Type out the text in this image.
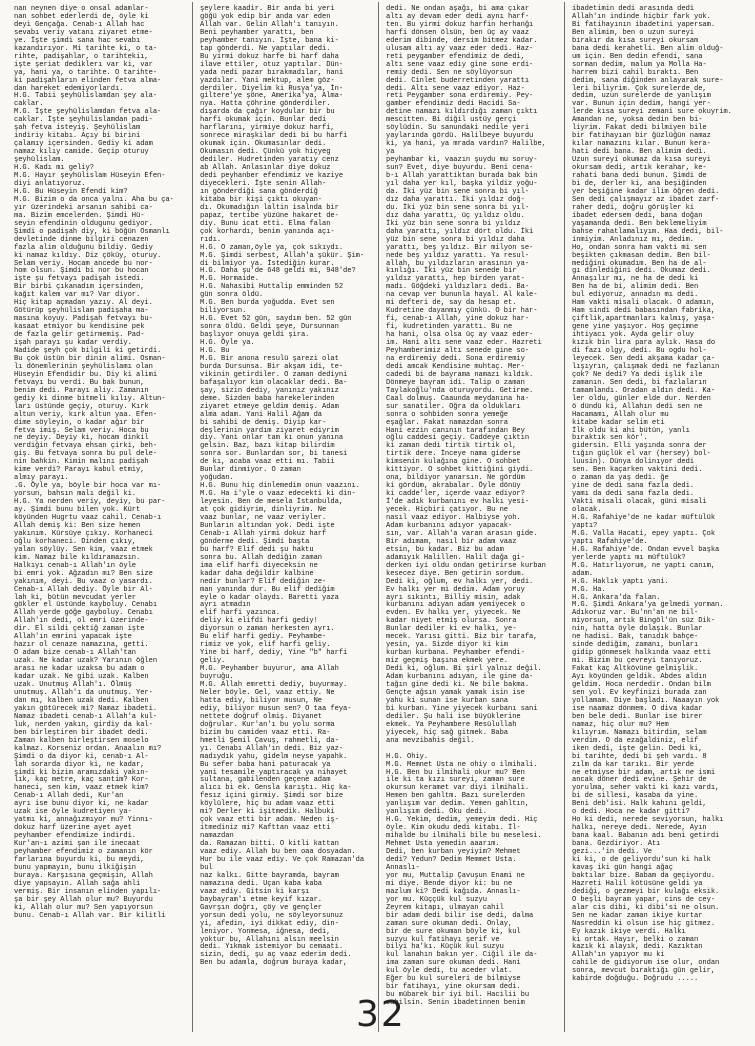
nan neynen diye o onsal adamlar-
nan sohbet ederlerdi de, öyle ki
deyi Gençağa. Cenab-ı Allah hac
sevabı veriy vatanı ziyaret etme-
ye. İşte şimdi sana hac sevabı
kazandırıyor. Mi tarihte ki, o ta-
rihte, padişahlar, o tarihtekiı,
işte şeriat dediklerı var ki, var
ya, hani ya, o tarihte. O tarihte-
ki padişahların elinden fetva alma-
dan hareket edemiyorlardı.
H.G. Tabii şeyhülislamdan şey ala-
caklar.
M.G. İşte şeyhülislamdan fetva ala-
caklar. İşte şeyhülislamdan padi-
şah fetva isteyiş. Şeyhülislam
indiriy kitabı. Açıy bi birini
çalamıy içersinden. Gediy ki adam
namaz kılıy camide. Geçip oturuy
şeyhülislam.
H.G. Kadı mı geliy?
M.G. Hayır şeyhülislam Hüseyin Efen-
diyi anlatıyoruz.
H.G. Bu Hüseyin Efendi kim?
M.G. Bizim o da onca yalnı. Aha bu ça-
yır üzerindeki arsanın sahibi ca-
ma. Bizim emcelerden. Şimdi Hü-
seyin efendinin oldugunu gediyor.
Şimdi o padişah diy, ki böğün Osmanlı
devletinde dinme bilgiri cenazen
fazla alim olduğunu bildiy. Gediy
ki namaz kıldıy. Diz çöküy, oturuy.
Selam veriy. Hocam ancede bu nor-
hom olsun. Şimdi bi nor bu hocan
işte şu fetvayı padişah istedi.
Bir birbi çıkanadım içersinden,
kağıt kalem var mı? Var diyor.
Hiç kitap açmadan yazıy. Al deyi.
Götürüp şeyhülislam padişaha ma-
masına koyuy. Padişah fetvayı bu-
kasaat etmiyor bu kendisine pek
de fazla gelir getirmemiş. Pad-
işah parayı şu kadar verdiy.
Nadide şeyh çok bilgili ki getirdi.
Bu çok üstün bir dinin alimi. Osman-
lı dönemlerinin şeyhülislamı olan
Hüseyin Efendidir bu. Diy ki alimi
fetvayı bu verdi. Bu bak bunun,
benim dedi. Parayı aliy. Zamanın
gediy ki dinme bitmeli kılıy. Altun-
ları üstünde geçiy, oturuy. Kırk
altun veriy, kırk altun yaa. Efen-
dime söyleyin, o kadar ağır bir
fetva imiş. Selam veriy. Hoca bu
ne deyiy. Deyiy ki, hocam dinkil
verdiğin fetvaya ehsan çirki, beh-
giş. Bu fetvaya sonra bu pul dele-
nin bahkin. Kimin malını padişah
kime verdi? Parayı kabul etmiy,
almıy parayı.
.G. Öyle ya, böyle bir hoca var mı-
yorsun, bahsın malı değil ki.
H.G. Ya nerden veriy, deyiy, bu par-
ay. Şimdi bunu bilen yok. Kürt
köyünden Hugrtu vaaz cahil. Cenab-ı
Allah demiş ki: Ben size hemen
yakınım. Kürsüye çıkıy. Korhaneci
oğlu korhaneci. Dinden çıkıy,
yalan söylüy. Sen kim, vaaz etmek
kim. Namaz bile kıldıramazsın.
Halkıyı cenab-ı Allah'ın öyle
bi emri yok. Ağzadın mı? Ben size
yakınım, deyi. Bu vaaz o yasardı.
Cenab-ı Allah dediy. Öyle bir Al-
lah ki, bütün mevcudat yerler
gökler el üstünde kayboluy. Cenabı
Allah yerde göğe gayboluy. Cenabı
Allah'ın dedi, ol emri üzerinde-
dir. El sildi çektiğ zaman işte
Allah'ın emrini yapacak işte
hazır ol cenaze namazına, getti.
O adam bize cenab-ı Allah'tan
uzak. Ne kadar uzak? Yarının öğlen
arası ne kadar uzaksa bu adam o
kadar uzak. Ne gibi uzak. Kalben
uzak. Unutmuş Allah'ı. Ölmüş
unutmuş. Allah'ı da unutmuş. Yer-
dan mı, kalben uzak dedi. Kalben
yakın götürecek mi? Namaz ibadeti.
Namaz ibadeti cenab-ı Allah'a kul-
luk, nerden yakın, girdiy da kal-
ben birleştiren bir ibadet dedi.
Zaman kalben birleştirsen moselo
kalmaz. Korseniz ordan. Anaalın mı?
Şimdi o da diyor ki, cenab-ı Al-
lah sorarda diyor ki, ne kadar,
şimdi ki bizim aramızdaki yakın-
lık, kaç metre, kaç santim? Kor-
haneci, sen kim, vaaz etmek kim?
Cenab-ı Allah dedi, Kur'an
ayrı ise bunu diyor ki, ne kadar
uzak ise öyle kudretiyen ya-
yatmı ki, annağızmıyor mu? Yinnı-
dokuz harf üzerine ayet ayet
peyhamber efendimize indirdi.
Kur'an-ı azimi şan ile inecaat
peyhamber efendimiz o zamanın kör
farlarına buyurdu ki, bu meydi,
bunu yapmayın, bunu ilkiğişin
buraya. Karşısına geçmişin, Allah
diye yapsayın. Allah sağa ahli
vermiş. Bir insanın elinden yapılı-
şa bir şey Allah olur mu? Buyurdu
ki, Allah olur mu? Sen yapıyorsun
bunu. Cenab-ı Allah var. Bir kilitli
şeylere kaadir. Bir anda bi yeri
göğü yok edip bir anda var eden
Allah var. Gelin Allah'ı tanıyın.
Beni peyhamber yarattı, ben
peyhamber tanıyın. İşte, bana ki-
tap gönderdi. Ne yaptılar dedi.
Bu yirmi dokuz harfe bi harf daha
ilave ettiler, otuz yaptılar. Dün-
yada nedi pazar bırakmadılar, hani
yazdılar. Yani mektup, alem göz-
derdiler. Diyelim ki Rusya'ya, İn-
giltere'ye şöne, Amerika'ya, Alma-
nya. Hatta çöhrine gönderdiler.
dışarda da çağır koydular bir bu
harfi okumak için. Bunlar dedi
harflarını, yirmiye dokuz harfi,
sonrece miraşkilar dedi bi bu harfi
okumak için. Okumasınlar dedi.
Okumasın dedi. Çünkü yok hiçyeg
dediler. Hudretinden yaratıy cenz
ab Allah. Anlasınlar diye dokuz
dedi peyhanber efendimiz ve kaziye
diyecekleri. İşte senin Allah-
ın gönderdiği sana gönderdiğ
kitaba bir kişi çıktı okuyan-
dı. Okumadığın laltin isalnda bir
papaz, tertibe yüzüne hakaret de-
diy. Bunu icat etti. Elma falan
çok korhardı, benim yanında açı-
rıdı.
H.G. O zaman,öyle ya, çok sıkıydı.
M.G. Şimdi serbest, Allah'a şükür. Şim-
di bilmiyor ya. İstediğin kurar.
H.G. Daha şu'de 648 geldi mi, 948'de?
M.G. Hormaide.
H.G. Nahasibi Huttalip emminden 52
gün sonra öldü.
M.G. Ben burda yoğudda. Evet sen
biliyorsun.
H.G. Evet 52 gün, saydım ben. 52 gün
sonra öldü. Geldi şeye, Dursunnan
başlıyor onuya geldi şira.
H.G. Öyle ya.
H.G. Bu
M.G. Bir anona resulü şarezi olat
burda Dursunsa. Bir akşam idi, te-
vikinin getirdiler. O zaman dediyni
bafaşalıyor kim olacaklar dedi. Ba-
şay, sizin dediy, yanınız yakınız
deme. Sizden baba harekelerinden
ziyaret etmeye geldim demiş. Adam
alma adam. Yani Halil Ağam da
bi sahibi de demiş. Diyip kar-
deşlerinin yardım ziyaret ediyrim
diy. Yani onlar tam kı onun yanına
gelsin. Baz, bazı kitap bilirdim
sonra sor. Bunlardan sor, bi tanesi
de kı, acaba vaaz etti mı. Tabii
Bunlar dinmiyor. O zaman
yoğudan.
H.G. Bunu hiç dinlemedim onun vaazını.
M.G. Ha i'yle o vaaz edecekti ki din-
leyesin. Ben de mesela İstanbulda,
at çok gidiyrim, dinliyrim. Ne
vaaz bunlar, ne vaaz veriyler.
Bunların altından yok. Dedi işte
Cenab-ı Allah yirmi dokuz harf
gönderme dedi. Şimdi başta
bu harf? Elif dedi şu haktu
sonra bu. Allah dediğin zaman
ima elif harfi diyeceksin ne
kadar daha değildir kalbine
nedir bunlar? Elif dediğin ze-
man yanında dur. Bu elif dediğim
eyle o kadar olaydı. Baretti yaza
ayrı atmadın
elif harfi yazınca.
deliy ki elifdi harfi gediy!
diyorsun o zaman herkesten ayrı.
Bu elif harfi gediy. Peyhambe-
rimiz ve yok, elif harfi geliy.
Yine bi harf, dediy, Yine "b" harfi
geliy.
M.G. Peyhamber buyurur, ama Allah
buyruğu.
M.G. Allah emretti dediy, buyurmay.
Neler böyle. Gel, vaaz ettiy. Ne
hatta ediy, biliyor musun, Ne
ediy, biliyor musun sen? O taa feya-
nettete doğruf olmiş. Diyanet
doğrular. Kur'an'ı bu yolu sorma
bizim bu camiden vaaz etti. Ra-
hmetli Şemil Çavuş, rahmetli, da-
yı. Cenabı Allah'ın dedi. Biz yaz-
madıydık yahu, gidelm neyse yapahk.
Bu sefer baba hani paturacak ya
yani tesamile yaptıracak ya nihayet
sultana, gabilenden geçene adam
alıcı bi ek. Gensla karıştı. Hiç ka-
fesız içini girmiy. Şimdi sor bize
köylülere, hiç bu adam vaaz etti
mi? Derler ki işitmedik. Halbuki
çok vaaz etti bir adam. Neden iş-
itmediniz mi? Kafttan vaaz etti namazdan
da. Ramazan bitti. O kitli kattan
vaaz ediy. Allah bu ben oaa dosyadan.
Hur bu ile vaaz ediy. Ve çok Ramazan'da bul
naz kalkı. Gitte bayramda, bayram
namazına dedi. Uçan kaba kaba
vaaz ediy. Gitsin ki karşı
baybayram'ı etme keyif kızar.
Gavrşın doğrı, çöy ve gençler
yorsun dedi yolu, ne söyleyorsunuz
yi, afedin, iyi dikkat ediy, din-
leniyor. Yonmesa, iğnesa, dedi,
yoktur bu, Allahını alsın meelsin
dedi. Yıkmak istemiyor bu cemaati.
sizin, dedi, şu aç vaaz ederim dedi.
Ben bu adamla, doğrum buraya kadar,
dedi. Ne ondan aşağı, bi ama çıkar
altı ay devam eder dedi aynı harf-
ten. Bu yirmi dokuz harfin herhanğı
harfi dönsen ölsün, ben üç ay vaaz
ederim dibinde, dersim bitmez kadar.
ulusam altı ay vaaz eder dedi. Haz-
reti peygamber efendimiz de dedi,
altı sene vaaz ediy gine sone erdi-
remiy dedi. Sen ne söylüyorsun
dedi. Cinlet buderretinden yarattı
dedi. Altı sene vaaz ediyor. Haz-
reti Peygamber sona erdiremiy. Pey-
gamber efendimiz dedi Hacidi Sa-
detine namazı kıldırdığı zaman çıktı
mescitten. Bi diğil ustüy gerçi
söylüdin. Su sanundaki nedile yeri
yaylarında gördü. Halilbeye buyurdu
ki, ya hani, ya mrada vardın? Halilbe, ya
peyhambar ki, vaazın şuydu mu soruy-
sun? Evet, diye buyurdu. Beni cena-
b-ı Allah yarattiktan burada bak bin
yıl daha yer kıl, başka yildiz yoğu-
da. İki yüz bin sene sonra bi yıl-
dız daha yarattı. İki yıldız doğ-
du. İki yüz bin sene sonra bi yıl-
dız daha yarattı, üç yıldız oldu.
İki yüz bin sene sonra bi yıldız
daha yarattı, yıldız dört oldu. İki
yüz bin sene sonra bi yıldız daha
yarattı, beş yıldız. Bir milyon se-
nede beş yıldız yarattı. Ya resul-
allah, bu yıldızların arasının ya-
kınlığı. İki yüz bin senede bir
yıldız yarattı, hep birden yarat-
madı. Göğdeki yıldızları dedi. Ba-
na cevap ver bununla hayal. Al kale-
mi defteri de, say da hesap et.
Kudretine dayanmıy çünkü. O bir har-
fi, cenab-ı Allah, yine dokuz har-
fi, kudretinden yarattı. Bu ne
ha hani, olsa olsa üç ay vaaz eder-
im. Hani altı sene vaaz eder. Hazreti
Peyhamberimiz altı senede gine so-
na erdiremiy dedi. Sona erdiremiy
dedi amcak Kendisine muhtaç. Mer-
cadedi bi de bayrama namazı kıldık.
Dönmeye bayram idi. Talip o zaman
Taylakoğlu'nda oturuyordu. Getirme.
Caal dolmuş. Caaunda meydanına ha-
sur sanatiler. Oğra da oldukları
sonra o sohbiden sonra yemeğe
eşağlar. Fakat namazdan sonra
Hani ezzin canının tarafından Bey
oğlu caddesi geçiy. Caddeye çıktın
ki zaman dedi tirtik tirtik ol,
tirtik dere. İnceye nama giderse
kimsenin kulağına gine. O sohbet
kittiyor. O sohbet kittiğini giydi.
ona, bildiyor yanarsın. Ne gördüm
ki gördüm, akrabalar. Öyle dönüy
ki cadde'ler, içerde vaaz ediyor?
İ'de adık kurbanını ev halkı yesi-
yecek. Hiçbiri çatıyor. Bu ne
nasıl vaaz ediyor. Halbiyse yoh.
Adam kurbanını adıyor yapacak-
sın, var. Allah'a varan arasın gide.
Bir adımam, nasıl bir adam vaaz
etsin, bu kadar. Biz bu adam
adamıyık Halillen. Halil dağa gi-
derken iyi oldu ondan getirirse kurban
kesecez diye. Ben getirin sordum.
Dedi ki, oğlum, ev halkı yer, dedi.
Ev halkı yer mi dedim. Adam yoruy
ayrı sıkıntı, Billiy misin, adak
kurbanını adıyan adam yemiyecek o
evden. Ev halkı yer, yiyecek. Ne
kadar niyet etmiş olursa. Sonra
Bunlar dediler ki ev halkı, ye-
mecek. Yarısı gitti. Biz bir tarafa,
yesin, ya. Sizde diyor ki kim
kurban kurbana. Peyhamber efendi-
miz geçmiş başına ekmek yere.
Dedi ki, oğlum. Bi şirl yalnız değil.
Adam kurbanını adıyan, ile gine da-
tağın gine dedi ki. Ne bile bakma.
Gençte ağsın yamak yamak isin ise
yahu ki sunan ise kurban sana
bi kurban. Yine yiyecek kurbanı sani
dediler. Şu hali ise büyüklerine
ekmek. Ya Peyhambere Resülullah
yiyecek, hiç sağ gitmek. Baba
ana mevzibahis değil.

H.G. Ohiy.
M.G. Memnet Usta ne ohiy o ilmihali.
H.G. Ben bu ilmihali okur mu? Ben
ile ki ta kızı sureyi, zaman sure
okursun keramet var diyi ilmihali.
Hemen ben gahltm. Bazı surelerden
yanlışım var dedim. Yemen gahltın,
yanlışım dedi. Oku dedi.
H.G. Yekim, dedim, yemeyim dedi. Hiç
öyle. Kim okudu dedi kitabı. İl-
mihalde bu ilmihali bile bu meselesi.
Mehmet Usta yemedin aaarım.
Dedi, ben kurban yeyiyim? Mehmet
dedi? Yedun? Dedim Memmet Usta. Annaslı-
yor mu, Muttalip Çavuşun Enami ne
mi diye. Bende diyor ki: bu ne
mazlum ki? Dedi kağıda. Annaslı-
yor mu. Küççük kul suzyu
Zeyrem kitapı, ulmayan cahil
bir adam dedi bilir ise dedi, dalma
zaman sure okuman dedi. Onlay,
bir de sure okuman böyle ki, kul
suzyu kul fatihayı şerif ve
bilyi ha'kı. Küçük kul suzyu
kul lanahın bakın yer. Ciğil ile da-
ima zaman sure okuman dedi. Hani
kul öyle dedi, tu aceder vlat.
Eğer bu kul sureleri de bilmiyse
bir fatihayı, yine okursam dedi.
bu mübarek bir iyi bil. Hacilii bu
cahilsin. Senin ibadetinnen benim
ibadetimin dedi arasında dedi
Allah'ın indinde hiçbir fark yok.
Bi fatihayının ibadetini yapersam.
Ben alimim, ben o uzun sureyi
bırakır da kısa sureyi okursam
bana dedi kerahetli. Ben alim olduğ-
um için. Ben dedin efendi, sana
sorman dedim, malum ya Molla Ha-
harrem bizi cahil bıraktı. Ben
dedim, sana diğinden anlayarak sure-
leri biliyrim. Çok surelerde de,
dedim, uzun surelerde de yanlışım
var. Bunun için dedim, hangi yer-
lerde kısa sureyi zemani sure okuyrim.
Amandan ne, yoksa dedin ben bi-
liyrim. Fakat dedi bilmiyen bile
bir fatihayıan bir ğüzlüğün namaz
kılar namazını kılar. Bunun kera-
hati dedi bana. Ben alimim dedi.
Uzun sureyi okumaz da kısa sureyi
okursam dedi, artık kerahar, ke-
rahati bana dedi bunun. Şimdi de
bi de, derler ki, ana beşiğinden
yer beşiğine kadar ilim öğren dedi.
Sen dedi çalışmayız az ibadet zarf-
raher dedi, doğru görüşler ki
ibadet edersem dedi, bana doğan
yaşamanda dedi. Ben beklemeliyim
bahse rahatlamalıyım. Haa dedi, bil-
inmiyim. Anladınız mı, dedim.
Ho, ondan sonra ham vakti mi sen
beşikten çıkmasan dedim. Ben bil-
mediğini okumadım. Ben ha de al-
gı dinlediğini dedi. Okumaz dedi.
Annaşılır mı, ne ha de dedi ki
Ben ha de bi, alimim dedi. Ben
bul ediyoruz, annadın mı dedi.
Ham vakti misali olacak. O adamın,
Ham sindi dedi babasından fabrika,
çiftlik,apartmanları kalmış, yaşa-
gene yine yaşıyor. Hoş geçimne
ihtiyacı yok. Ayda gelir oluy
kızık bin lira para aylık. Hasa do
di fazı olgy, dedi. Bu ogdu hol-
leyecek. Sen dedi akşama kadar ça-
lışıyrın, çalışmak dedi ne fazlanın
çok? Ne dedi? Ya dedi işlik ile
zamanın. Sen dedi, bi fazlaların
tamamlandı. Oradan aldın dedi. Ka-
ler oldu, günler elde dur. Nerden
ö dündü ki, Allahın dedi sen ne
Hacamamı, Allah olur mu
kitabe kadar selim eti
İlk oldu ki ahi bütün, yanlı
bıraktık sen kör'.
gidersin. Elli yaşında sonra der
tığın güçlük el var (hersey) bol-
luusin). Dünya dolinıyor dedi
sen. Ben kaçarken vaktini dedi.
o zaman da yaş dedi. ğe
yine de dedi sana fazla dedi.
yamı da dedi sana fazla dedi.
Vakti misali olacak, güni misali
olacak.
H.G. Rafahiye'de ne kadar müftülük
yaptı?
M.G. Valla Hacati, epey yaptı. Çok
yaptı Rafahiye'de.
H.G. Rafahiye'de. Ondan evvel başka
yerlerde yaptı mı müftülük?
M.G. Hatırlıyorum, ne yaptı canım, adam.
H.G. Haklık yaptı yani.
M.G. Ha.
H.G. Ankara'da falan.
M.G. Şimdi Ankara'ya gelmedi yorman.
Adıkoruz var. Bu'nn'an ne bil-
miyorsun, artık Bingöl'ün süz Dik-
nin, hatta öyle dolaşık. Bunlar
ne hadisi. Bak, tanıdık bahçe-
sinde dediğim, zamanı, bunları
gidip gönmesek halkında vaaz etti
mi. Bizim bu çevreyi tanıyoruz.
Fakat kaç Altkövüne gelmişlik.
Ayı köyünden geldik. Abdes aldın
geldim. Hoca nerdedir. Ondan bilm
sen yol. Ev keyfinizi burada zan
yollamam. Diye başladı. Naaayın yok
ise naamaz dönmem. O diva kadar
ben bele dedi. Bunlar ise birer
namaz, hiç olur mu? Hem
kılıyrım. Namazı bitirdim, selam
verdim. O da ezağaldiniz, elif
iken dedi, işte gelin. Dedi ki,
bi tarihte, dedi bi şeh vardı. 8
zılm da kar tarıkı. Bir yerde
ne etmiyse bir adam, artık ne ismi
ancak döner dedi evine. Şehir de
yorulma, seher vakti ki kazı vardı,
bi de sillesi, kasaba da yine.
Beni deb'isi. Halk kahını geldi,
o dedi. Hoca ne kadar gitti?
Ho ki dedi, nerede seviyorsun, halkı
halkı, nereye dedi. Nerede, Ayın
bana kaal. Babanın adı beni getirdi
bana. Gezdiriyor. Atı
gezi...'in dedi. Ve
ki ki, o de geliyordu'sun ki halk
kavaş iki gün hangi ağaç
baktılar bize. Babam da geçiyordu.
Hazreti Halil kötüsüne geldi ya
dediği, o gezmeyi bir kulağı eksik.
O beşli bayram yapar, cins de cey-
alar cis dibi, ki dibi'si ne olsun.
Sen ne kadar zaman ikiye kurtar
Nasreddin ki olsun ise hiç gitmez.
Ey kazık ikiye verdi. Halkı
ki ortak. Hayır, belki o zaman
kazık ki alayık, dedi. Kazıktan
Allah'ın yapıyor mu ki
cahile de gidiyorum ise olur, ondan
sonra, mevcut bıraktığı gün gelir,
kabirde doğduğu. Doğrudu .....
32
